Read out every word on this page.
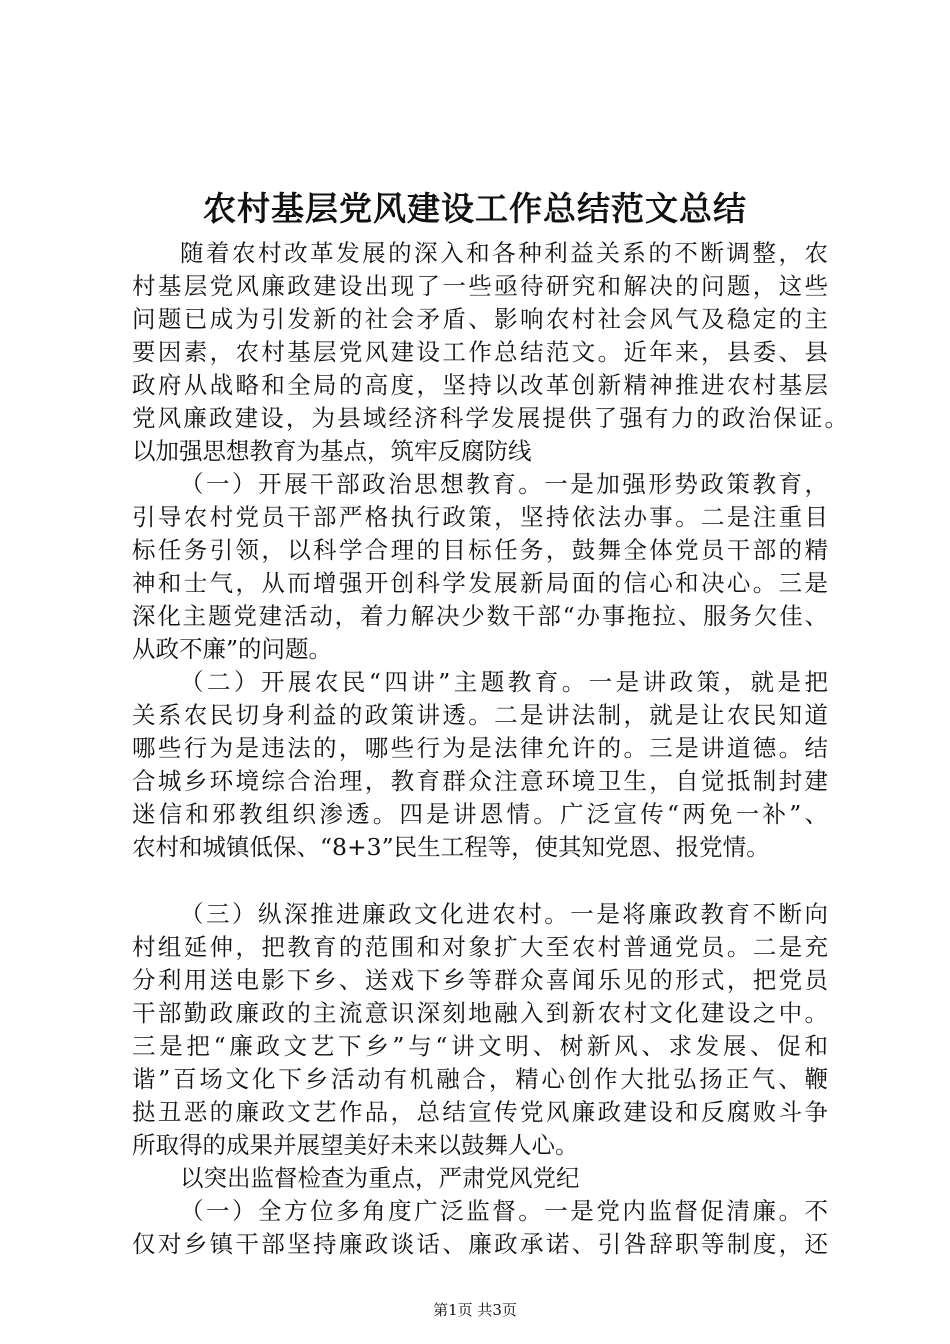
农村基层党风建设工作总结范文总结
随着农村改革发展的深入和各种利益关系的不断调整，农
村基层党风廉政建设出现了一些亟待研究和解决的问题，这些
问题已成为引发新的社会矛盾、影响农村社会风气及稳定的主
要因素，农村基层党风建设工作总结范文。近年来，县委、县
政府从战略和全局的高度，坚持以改革创新精神推进农村基层
党风廉政建设，为县域经济科学发展提供了强有力的政治保证。
以加强思想教育为基点，筑牢反腐防线
（一）开展干部政治思想教育。一是加强形势政策教育，
引导农村党员干部严格执行政策，坚持依法办事。二是注重目
标任务引领，以科学合理的目标任务，鼓舞全体党员干部的精
神和士气，从而增强开创科学发展新局面的信心和决心。三是
深化主题党建活动，着力解决少数干部“办事拖拉、服务欠佳、
从政不廉”的问题。
（二）开展农民“四讲”主题教育。一是讲政策，就是把
关系农民切身利益的政策讲透。二是讲法制，就是让农民知道
哪些行为是违法的，哪些行为是法律允许的。三是讲道德。结
合城乡环境综合治理，教育群众注意环境卫生，自觉抵制封建
迷信和邪教组织渗透。四是讲恩情。广泛宣传“两免一补”、
农村和城镇低保、“8+3”民生工程等，使其知党恩、报党情。
（三）纵深推进廉政文化进农村。一是将廉政教育不断向
村组延伸，把教育的范围和对象扩大至农村普通党员。二是充
分利用送电影下乡、送戏下乡等群众喜闻乐见的形式，把党员
干部勤政廉政的主流意识深刻地融入到新农村文化建设之中。
三是把“廉政文艺下乡”与“讲文明、树新风、求发展、促和
谐”百场文化下乡活动有机融合，精心创作大批弘扬正气、鞭
挞丑恶的廉政文艺作品，总结宣传党风廉政建设和反腐败斗争
所取得的成果并展望美好未来以鼓舞人心。
以突出监督检查为重点，严肃党风党纪
（一）全方位多角度广泛监督。一是党内监督促清廉。不
仅对乡镇干部坚持廉政谈话、廉政承诺、引咎辞职等制度，还
第1页 共3页
